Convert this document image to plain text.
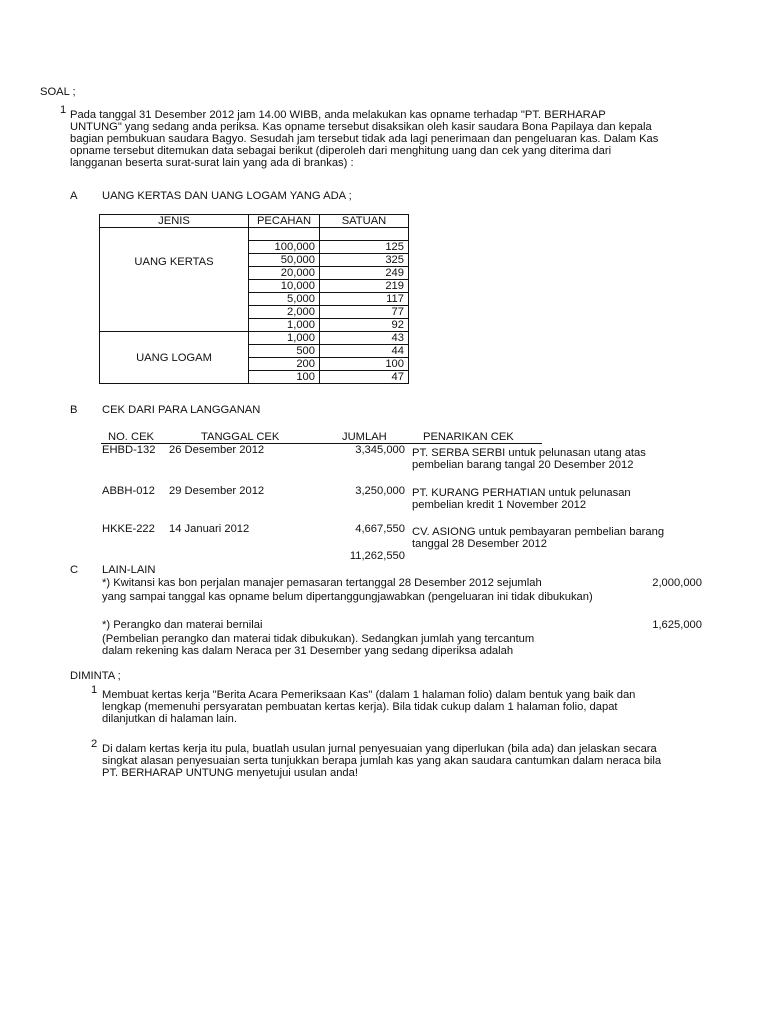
SOAL ;
1 Pada tanggal 31 Desember 2012 jam 14.00 WIBB, anda melakukan kas opname terhadap "PT. BERHARAP
UNTUNG" yang sedang anda periksa. Kas opname tersebut disaksikan oleh kasir saudara Bona Papilaya dan kepala
bagian pembukuan saudara Bagyo. Sesudah jam tersebut tidak ada lagi penerimaan dan pengeluaran kas. Dalam Kas
opname tersebut ditemukan data sebagai berikut (diperoleh dari menghitung uang dan cek yang diterima dari
langganan beserta surat-surat lain yang ada di brankas) :
A UANG KERTAS DAN UANG LOGAM YANG ADA ;
JENIS	PECAHAN	SATUAN
UANG KERTAS		
	100,000	125
	50,000	325
	20,000	249
	10,000	219
	5,000	117
	2,000	77
	1,000	92
UANG LOGAM	1,000	43
	500	44
	200	100
	100	47
B CEK DARI PARA LANGGANAN
NO. CEK	TANGGAL CEK	JUMLAH	PENARIKAN CEK
EHBD-132 26 Desember 2012	3,345,000 PT. SERBA SERBI untuk pelunasan utang atas
pembelian barang tangal 20 Desember 2012
ABBH-012 29 Desember 2012	3,250,000 PT. KURANG PERHATIAN untuk pelunasan
pembelian kredit 1 November 2012
HKKE-222 14 Januari 2012	4,667,550 CV. ASIONG untuk pembayaran pembelian barang
tanggal 28 Desember 2012
11,262,550
C LAIN-LAIN
*) Kwitansi kas bon perjalan manajer pemasaran tertanggal 28 Desember 2012 sejumlah	2,000,000
yang sampai tanggal kas opname belum dipertanggungjawabkan (pengeluaran ini tidak dibukukan)
*) Perangko dan materai bernilai	1,625,000
(Pembelian perangko dan materai tidak dibukukan). Sedangkan jumlah yang tercantum
dalam rekening kas dalam Neraca per 31 Desember yang sedang diperiksa adalah
DIMINTA ;
1 Membuat kertas kerja "Berita Acara Pemeriksaan Kas" (dalam 1 halaman folio) dalam bentuk yang baik dan
lengkap (memenuhi persyaratan pembuatan kertas kerja). Bila tidak cukup dalam 1 halaman folio, dapat
dilanjutkan di halaman lain.
2 Di dalam kertas kerja itu pula, buatlah usulan jurnal penyesuaian yang diperlukan (bila ada) dan jelaskan secara
singkat alasan penyesuaian serta tunjukkan berapa jumlah kas yang akan saudara cantumkan dalam neraca bila
PT. BERHARAP UNTUNG menyetujui usulan anda!
